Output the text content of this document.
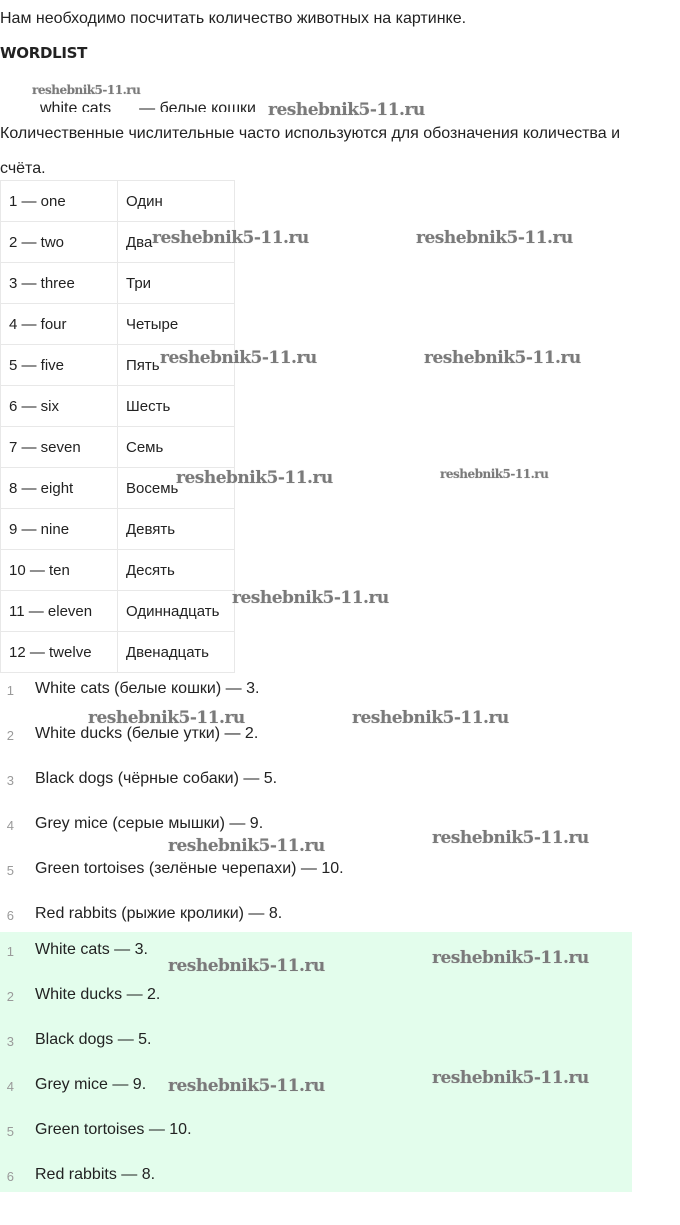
Нам необходимо посчитать количество животных на картинке.
WORDLIST
white cats — белые кошки
Количественные числительные часто используются для обозначения количества и счёта.
1 — one	Один
2 — two	Два
3 — three	Три
4 — four	Четыре
5 — five	Пять
6 — six	Шесть
7 — seven	Семь
8 — eight	Восемь
9 — nine	Девять
10 — ten	Десять
11 — eleven	Одиннадцать
12 — twelve	Двенадцать
1	White cats (белые кошки) — 3.
2	White ducks (белые утки) — 2.
3	Black dogs (чёрные собаки) — 5.
4	Grey mice (серые мышки) — 9.
5	Green tortoises (зелёные черепахи) — 10.
6	Red rabbits (рыжие кролики) — 8.
1	White cats — 3.
2	White ducks — 2.
3	Black dogs — 5.
4	Grey mice — 9.
5	Green tortoises — 10.
6	Red rabbits — 8.
reshebnik5-11.ru
reshebnik5-11.ru
reshebnik5-11.ru	reshebnik5-11.ru
reshebnik5-11.ru	reshebnik5-11.ru
reshebnik5-11.ru	reshebnik5-11.ru
reshebnik5-11.ru
reshebnik5-11.ru	reshebnik5-11.ru
reshebnik5-11.ru
reshebnik5-11.ru
reshebnik5-11.ru	reshebnik5-11.ru
reshebnik5-11.ru	reshebnik5-11.ru
